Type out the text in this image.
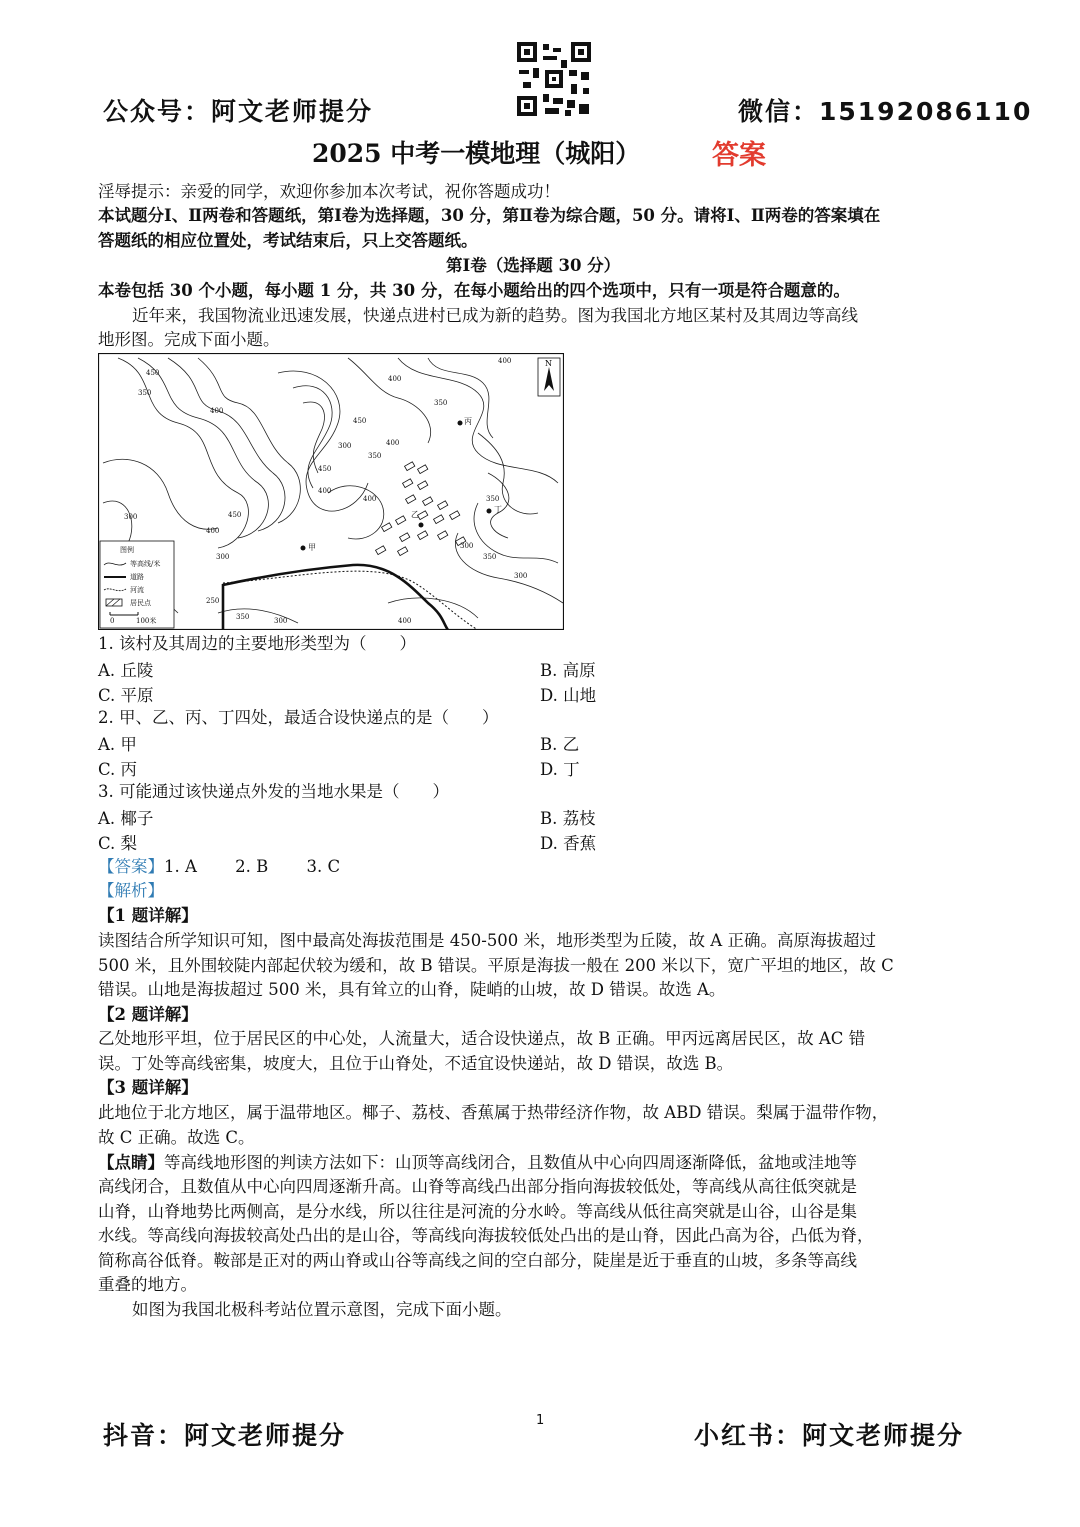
公众号：阿文老师提分	微信：15192086110
2025 中考一模地理（城阳）	答案

淫辱提示：亲爱的同学，欢迎你参加本次考试，祝你答题成功！

本试题分Ⅰ、Ⅱ两卷和答题纸，第Ⅰ卷为选择题，30 分，第Ⅱ卷为综合题，50 分。请将Ⅰ、Ⅱ两卷的答案填在

答题纸的相应位置处，考试结束后，只上交答题纸。

第Ⅰ卷（选择题 30 分）

本卷包括 30 个小题，每小题 1 分，共 30 分，在每小题给出的四个选项中，只有一项是符合题意的。

近年来，我国物流业迅速发展，快递点进村已成为新的趋势。图为我国北方地区某村及其周边等高线

地形图。完成下面小题。

N
450
350
400
450
400
350
400
400
350
300
450
400
450
400
300
300
350
350
300
300
250
350	300	400
400
甲
乙
丙
丁
图例
等高线/米
道路
河流
居民点
0	100米

1. 该村及其周边的主要地形类型为（　　）

A. 丘陵	B. 高原
C. 平原	D. 山地

2. 甲、乙、丙、丁四处，最适合设快递点的是（　　）

A. 甲	B. 乙
C. 丙	D. 丁

3. 可能通过该快递点外发的当地水果是（　　）

A. 椰子	B. 荔枝
C. 梨	D. 香蕉

【答案】1. A　　 2. B　　 3. C

【解析】

【1 题详解】

读图结合所学知识可知，图中最高处海拔范围是 450-500 米，地形类型为丘陵，故 A 正确。高原海拔超过

500 米，且外围较陡内部起伏较为缓和，故 B 错误。平原是海拔一般在 200 米以下，宽广平坦的地区，故 C

错误。山地是海拔超过 500 米，具有耸立的山脊，陡峭的山坡，故 D 错误。故选 A。

【2 题详解】

乙处地形平坦，位于居民区的中心处，人流量大，适合设快递点，故 B 正确。甲丙远离居民区，故 AC 错

误。丁处等高线密集，坡度大，且位于山脊处，不适宜设快递站，故 D 错误，故选 B。

【3 题详解】

此地位于北方地区，属于温带地区。椰子、荔枝、香蕉属于热带经济作物，故 ABD 错误。梨属于温带作物，

故 C 正确。故选 C。

【点睛】等高线地形图的判读方法如下：山顶等高线闭合，且数值从中心向四周逐渐降低，盆地或洼地等

高线闭合，且数值从中心向四周逐渐升高。山脊等高线凸出部分指向海拔较低处，等高线从高往低突就是

山脊，山脊地势比两侧高，是分水线，所以往往是河流的分水岭。等高线从低往高突就是山谷，山谷是集

水线。等高线向海拔较高处凸出的是山谷，等高线向海拔较低处凸出的是山脊，因此凸高为谷，凸低为脊，

简称高谷低脊。鞍部是正对的两山脊或山谷等高线之间的空白部分，陡崖是近于垂直的山坡，多条等高线

重叠的地方。

如图为我国北极科考站位置示意图，完成下面小题。

抖音：阿文老师提分
1
小红书：阿文老师提分
